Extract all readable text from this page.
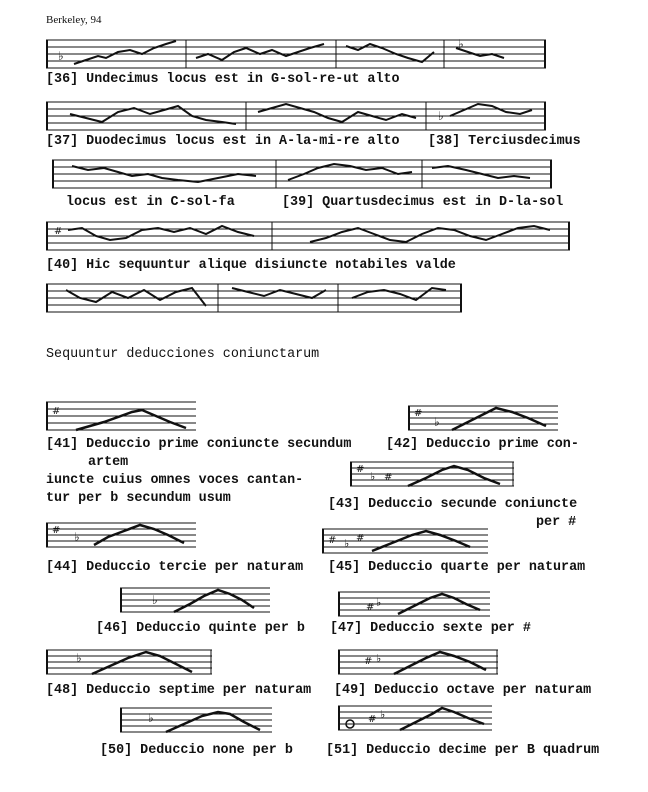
Berkeley, 94
♭
♭
[36] Undecimus locus est in G-sol-re-ut alto
♭
[37] Duodecimus locus est in A-la-mi-re alto [38] Terciusdecimus
locus est in C-sol-fa	[39] Quartusdecimus est in D-la-sol
#
[40] Hic sequuntur alique disiuncte notabiles valde
Sequuntur deducciones coniunctarum
#	#
♭
[41] Deduccio prime coniuncte secundum	[42] Deduccio prime con-
artem
iuncte cuius omnes voces cantan-
tur per b secundum usum
#
♭ #
[43] Deduccio secunde coniuncte
per #
# ♭	# ♭ #
[44] Deduccio tercie per naturam [45] Deduccio quarte per naturam
♭
# ♭
[46] Deduccio quinte per b [47] Deduccio sexte per #
♭	# ♭
[48] Deduccio septime per naturam [49] Deduccio octave per naturam
♭	# ♭
[50] Deduccio none per b [51] Deduccio decime per B quadrum
